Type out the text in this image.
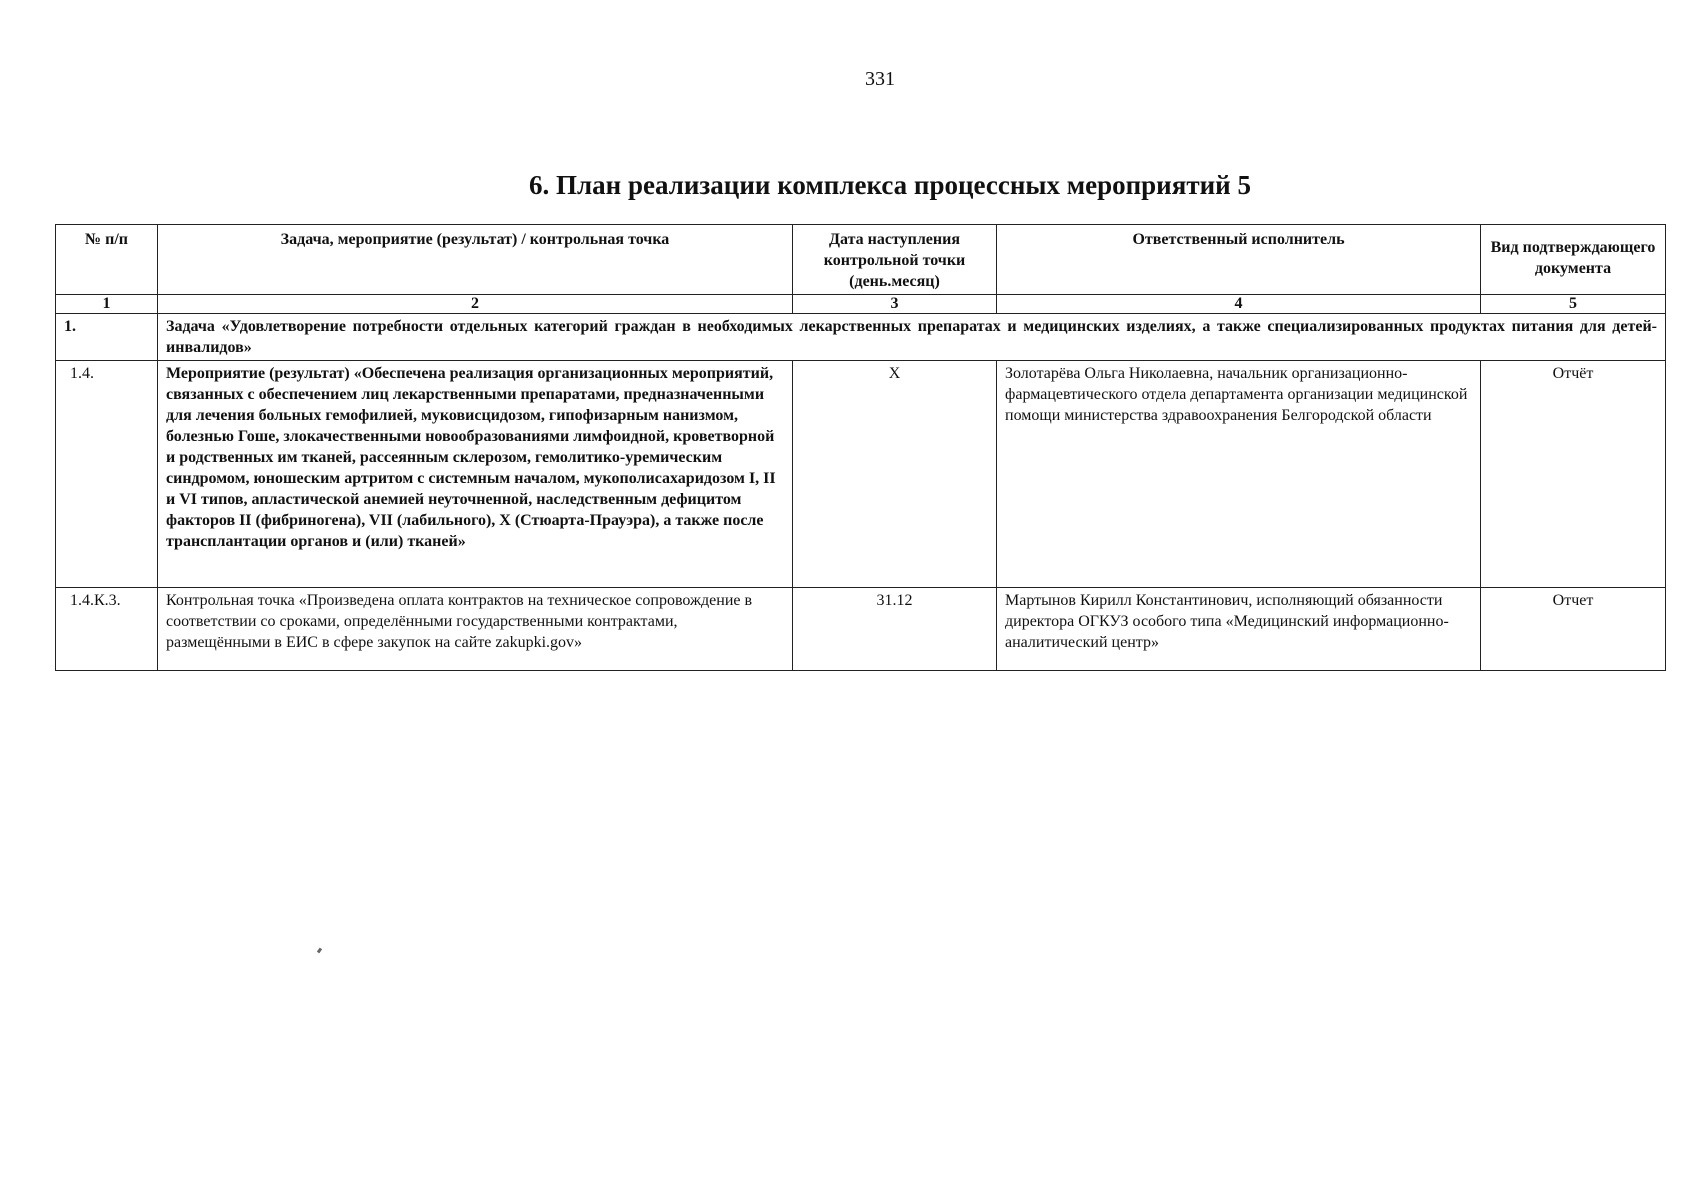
331
6. План реализации комплекса процессных мероприятий 5
№ п/п	Задача, мероприятие (результат) / контрольная точка	Дата наступления контрольной точки (день.месяц)	Ответственный исполнитель	Вид подтверждающего документа
1	2	3	4	5
1.	Задача «Удовлетворение потребности отдельных категорий граждан в необходимых лекарственных препаратах и медицинских изделиях, а также специализированных продуктах питания для детей-инвалидов»			
1.4.	Мероприятие (результат) «Обеспечена реализация организационных мероприятий, связанных с обеспечением лиц лекарственными препаратами, предназначенными для лечения больных гемофилией, муковисцидозом, гипофизарным нанизмом, болезнью Гоше, злокачественными новообразованиями лимфоидной, кроветворной и родственных им тканей, рассеянным склерозом, гемолитико-уремическим синдромом, юношеским артритом с системным началом, мукополисахаридозом I, II и VI типов, апластической анемией неуточненной, наследственным дефицитом факторов II (фибриногена), VII (лабильного), X (Стюарта-Прауэра), а также после трансплантации органов и (или) тканей»	X	Золотарёва Ольга Николаевна, начальник организационно-фармацевтического отдела департамента организации медицинской помощи министерства здравоохранения Белгородской области	Отчёт
1.4.К.3.	Контрольная точка «Произведена оплата контрактов на техническое сопровождение в соответствии со сроками, определёнными государственными контрактами, размещёнными в ЕИС в сфере закупок на сайте zakupki.gov»	31.12	Мартынов Кирилл Константинович, исполняющий обязанности директора ОГКУЗ особого типа «Медицинский информационно-аналитический центр»	Отчет
